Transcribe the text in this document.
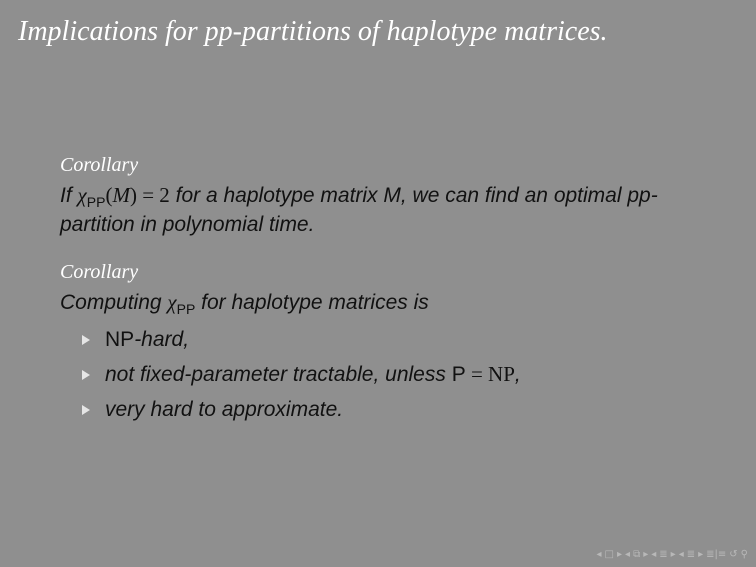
Implications for pp-partitions of haplotype matrices.
Corollary

If $\chi_{PP}(M) = 2$ for a haplotype matrix M, we can find an optimal pp-partition in polynomial time.

Corollary

Computing $\chi_{PP}$ for haplotype matrices is

NP-hard,
not fixed-parameter tractable, unless P = NP,
very hard to approximate.
◂ □ ▸ ◂ ⧉ ▸ ◂ ≣ ▸ ◂ ≣ ▸ ≣|≡ ↺ ⚲
